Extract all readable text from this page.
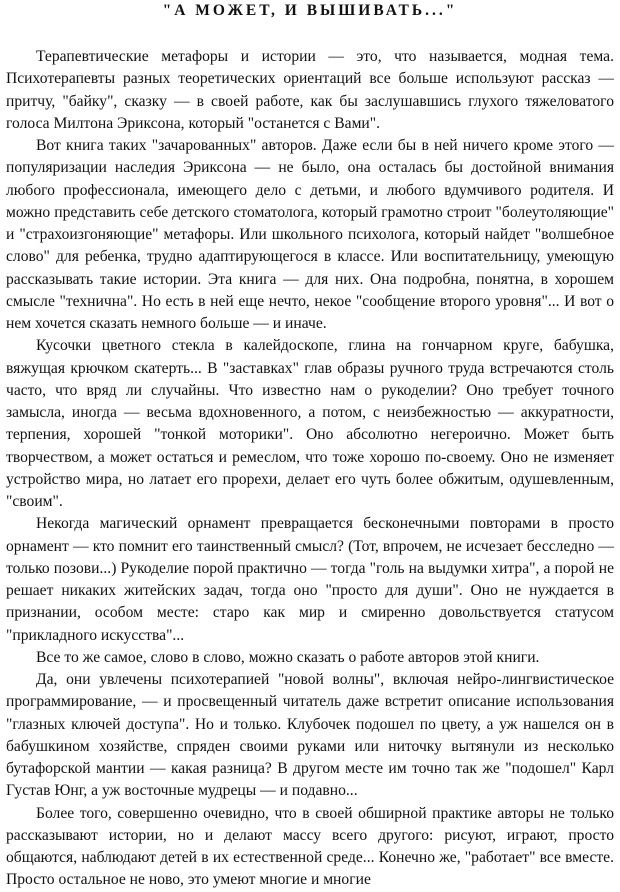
"А МОЖЕТ, И ВЫШИВАТЬ..."

Терапевтические метафоры и истории — это, что называется, модная тема. Психотерапевты разных теоретических ориентаций все больше используют рассказ — притчу, "байку", сказку — в своей работе, как бы заслушавшись глухого тяжеловатого голоса Милтона Эриксона, который "останется с Вами".

Вот книга таких "зачарованных" авторов. Даже если бы в ней ничего кроме этого — популяризации наследия Эриксона — не было, она осталась бы достойной внимания любого профессионала, имеющего дело с детьми, и любого вдумчивого родителя. И можно представить себе детского стоматолога, который грамотно строит "болеутоляющие" и "страхоизгоняющие" метафоры. Или школьного психолога, который найдет "волшебное слово" для ребенка, трудно адаптирующегося в классе. Или воспитательницу, умеющую рассказывать такие истории. Эта книга — для них. Она подробна, понятна, в хорошем смысле "технична". Но есть в ней еще нечто, некое "сообщение второго уровня"... И вот о нем хочется сказать немного больше — и иначе.

Кусочки цветного стекла в калейдоскопе, глина на гончарном круге, бабушка, вяжущая крючком скатерть... В "заставках" глав образы ручного труда встречаются столь часто, что вряд ли случайны. Что известно нам о рукоделии? Оно требует точного замысла, иногда — весьма вдохновенного, а потом, с неизбежностью — аккуратности, терпения, хорошей "тонкой моторики". Оно абсолютно негероично. Может быть творчеством, а может остаться и ремеслом, что тоже хорошо по-своему. Оно не изменяет устройство мира, но латает его прорехи, делает его чуть более обжитым, одушевленным, "своим".

Некогда магический орнамент превращается бесконечными повторами в просто орнамент — кто помнит его таинственный смысл? (Тот, впрочем, не исчезает бесследно — только позови...) Рукоделие порой практично — тогда "голь на выдумки хитра", а порой не решает никаких житейских задач, тогда оно "просто для души". Оно не нуждается в признании, особом месте: старо как мир и смиренно довольствуется статусом "прикладного искусства"...

Все то же самое, слово в слово, можно сказать о работе авторов этой книги.

Да, они увлечены психотерапией "новой волны", включая нейро-лингвистическое программирование, — и просвещенный читатель даже встретит описание использования "глазных ключей доступа". Но и только. Клубочек подошел по цвету, а уж нашелся он в бабушкином хозяйстве, спряден своими руками или ниточку вытянули из несколько бутафорской мантии — какая разница? В другом месте им точно так же "подошел" Карл Густав Юнг, а уж восточные мудрецы — и подавно...

Более того, совершенно очевидно, что в своей обширной практике авторы не только рассказывают истории, но и делают массу всего другого: рисуют, играют, просто общаются, наблюдают детей в их естественной среде... Конечно же, "работает" все вместе. Просто остальное не ново, это умеют многие и многие
